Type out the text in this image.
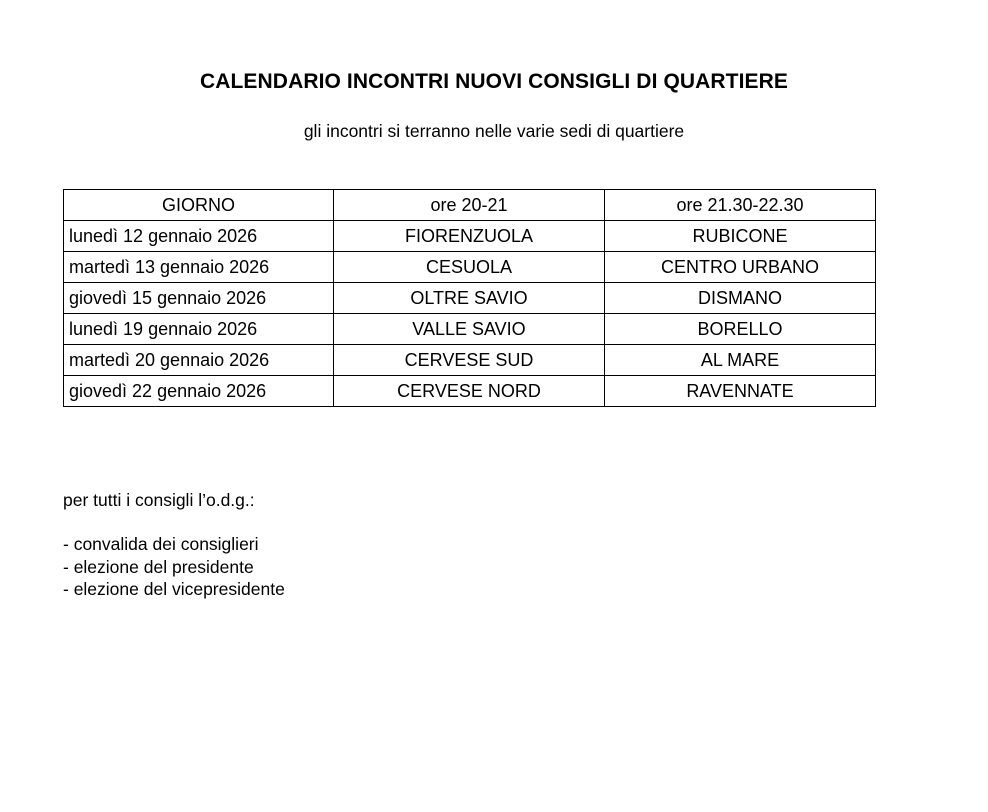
CALENDARIO INCONTRI NUOVI CONSIGLI DI QUARTIERE
gli incontri si terranno nelle varie sedi di quartiere
GIORNO	ore 20-21	ore 21.30-22.30
lunedì 12 gennaio 2026	FIORENZUOLA	RUBICONE
martedì 13 gennaio 2026	CESUOLA	CENTRO URBANO
giovedì 15 gennaio 2026	OLTRE SAVIO	DISMANO
lunedì 19 gennaio 2026	VALLE SAVIO	BORELLO
martedì 20 gennaio 2026	CERVESE SUD	AL MARE
giovedì 22 gennaio 2026	CERVESE NORD	RAVENNATE
per tutti i consigli l’o.d.g.:
- convalida dei consiglieri
- elezione del presidente
- elezione del vicepresidente
